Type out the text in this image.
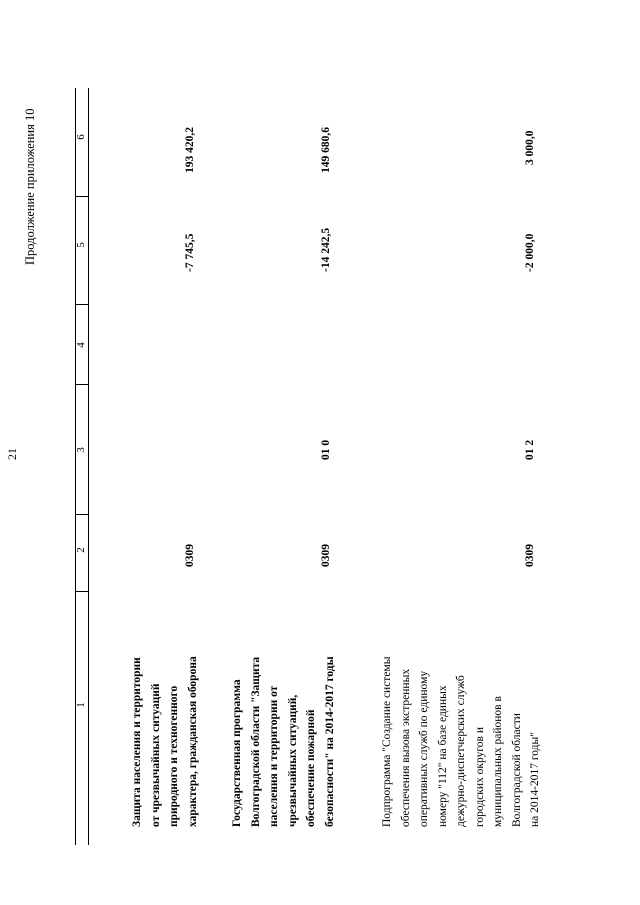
21
Продолжение приложения 10
1
2
3
4
5
6
Защита населения и территории от чрезвычайных ситуаций природного и техногенного характера, гражданская оборона
0309
-7 745,5
193 420,2
Государственная программа Волгоградской области "Защита населения и территории от чрезвычайных ситуаций, обеспечение пожарной безопасности" на 2014-2017 годы
0309
01 0
-14 242,5
149 680,6
Подпрограмма "Создание системы обеспечения вызова экстренных оперативных служб по единому номеру "112" на базе единых дежурно-диспетчерских служб городских округов и муниципальных районов в Волгоградской области на 2014-2017 годы"
0309
01 2
-2 000,0
3 000,0
